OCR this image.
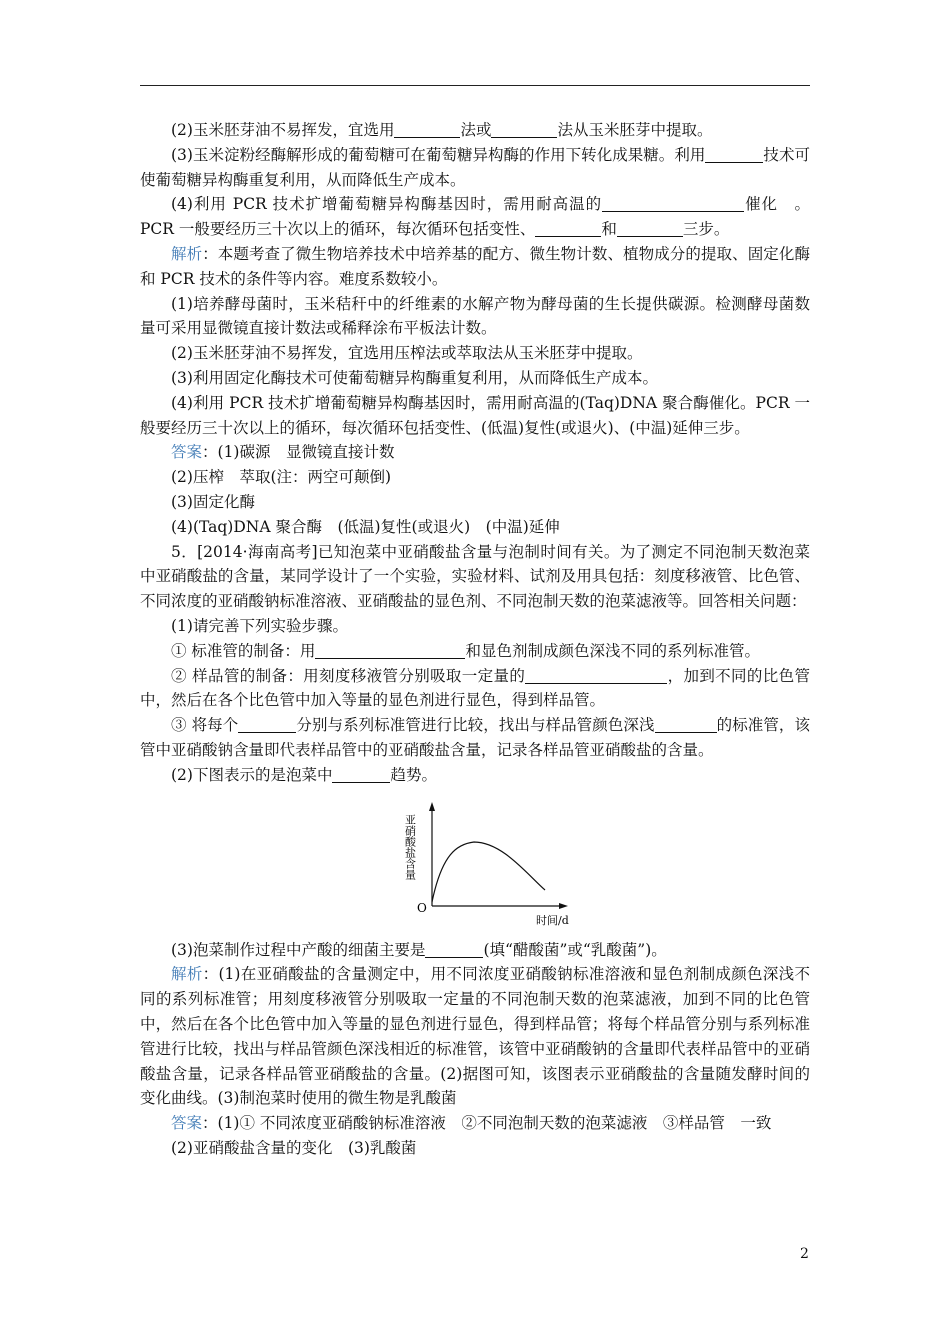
(2)玉米胚芽油不易挥发，宜选用	法或	法从玉米胚芽中提取。

(3)玉米淀粉经酶解形成的葡萄糖可在葡萄糖异构酶的作用下转化成果糖。利用	技术可使葡萄糖异构酶重复利用，从而降低生产成本。

(4)利用 PCR 技术扩增葡萄糖异构酶基因时，需用耐高温的	催化　。PCR 一般要经历三十次以上的循环，每次循环包括变性、	和	三步。

解析：本题考查了微生物培养技术中培养基的配方、微生物计数、植物成分的提取、固定化酶和 PCR 技术的条件等内容。难度系数较小。

(1)培养酵母菌时，玉米秸秆中的纤维素的水解产物为酵母菌的生长提供碳源。检测酵母菌数量可采用显微镜直接计数法或稀释涂布平板法计数。

(2)玉米胚芽油不易挥发，宜选用压榨法或萃取法从玉米胚芽中提取。

(3)利用固定化酶技术可使葡萄糖异构酶重复利用，从而降低生产成本。

(4)利用 PCR 技术扩增葡萄糖异构酶基因时，需用耐高温的(Taq)DNA 聚合酶催化。PCR 一般要经历三十次以上的循环，每次循环包括变性、(低温)复性(或退火)、(中温)延伸三步。

答案：(1)碳源　显微镜直接计数

(2)压榨　萃取(注：两空可颠倒)

(3)固定化酶

(4)(Taq)DNA 聚合酶　(低温)复性(或退火)　(中温)延伸

5．[2014·海南高考]已知泡菜中亚硝酸盐含量与泡制时间有关。为了测定不同泡制天数泡菜中亚硝酸盐的含量，某同学设计了一个实验，实验材料、试剂及用具包括：刻度移液管、比色管、不同浓度的亚硝酸钠标准溶液、亚硝酸盐的显色剂、不同泡制天数的泡菜滤液等。回答相关问题：

(1)请完善下列实验步骤。

① 标准管的制备：用	和显色剂制成颜色深浅不同的系列标准管。

② 样品管的制备：用刻度移液管分别吸取一定量的	，加到不同的比色管中，然后在各个比色管中加入等量的显色剂进行显色，得到样品管。

③ 将每个	分别与系列标准管进行比较，找出与样品管颜色深浅	的标准管，该管中亚硝酸钠含量即代表样品管中的亚硝酸盐含量，记录各样品管亚硝酸盐的含量。

(2)下图表示的是泡菜中	趋势。

亚硝酸盐含量
O
时间/d

(3)泡菜制作过程中产酸的细菌主要是	(填“醋酸菌”或“乳酸菌”)。

解析：(1)在亚硝酸盐的含量测定中，用不同浓度亚硝酸钠标准溶液和显色剂制成颜色深浅不同的系列标准管；用刻度移液管分别吸取一定量的不同泡制天数的泡菜滤液，加到不同的比色管中，然后在各个比色管中加入等量的显色剂进行显色，得到样品管；将每个样品管分别与系列标准管进行比较，找出与样品管颜色深浅相近的标准管，该管中亚硝酸钠的含量即代表样品管中的亚硝酸盐含量，记录各样品管亚硝酸盐的含量。(2)据图可知，该图表示亚硝酸盐的含量随发酵时间的变化曲线。(3)制泡菜时使用的微生物是乳酸菌

答案：(1)① 不同浓度亚硝酸钠标准溶液　②不同泡制天数的泡菜滤液　③样品管　一致

(2)亚硝酸盐含量的变化　(3)乳酸菌

2
